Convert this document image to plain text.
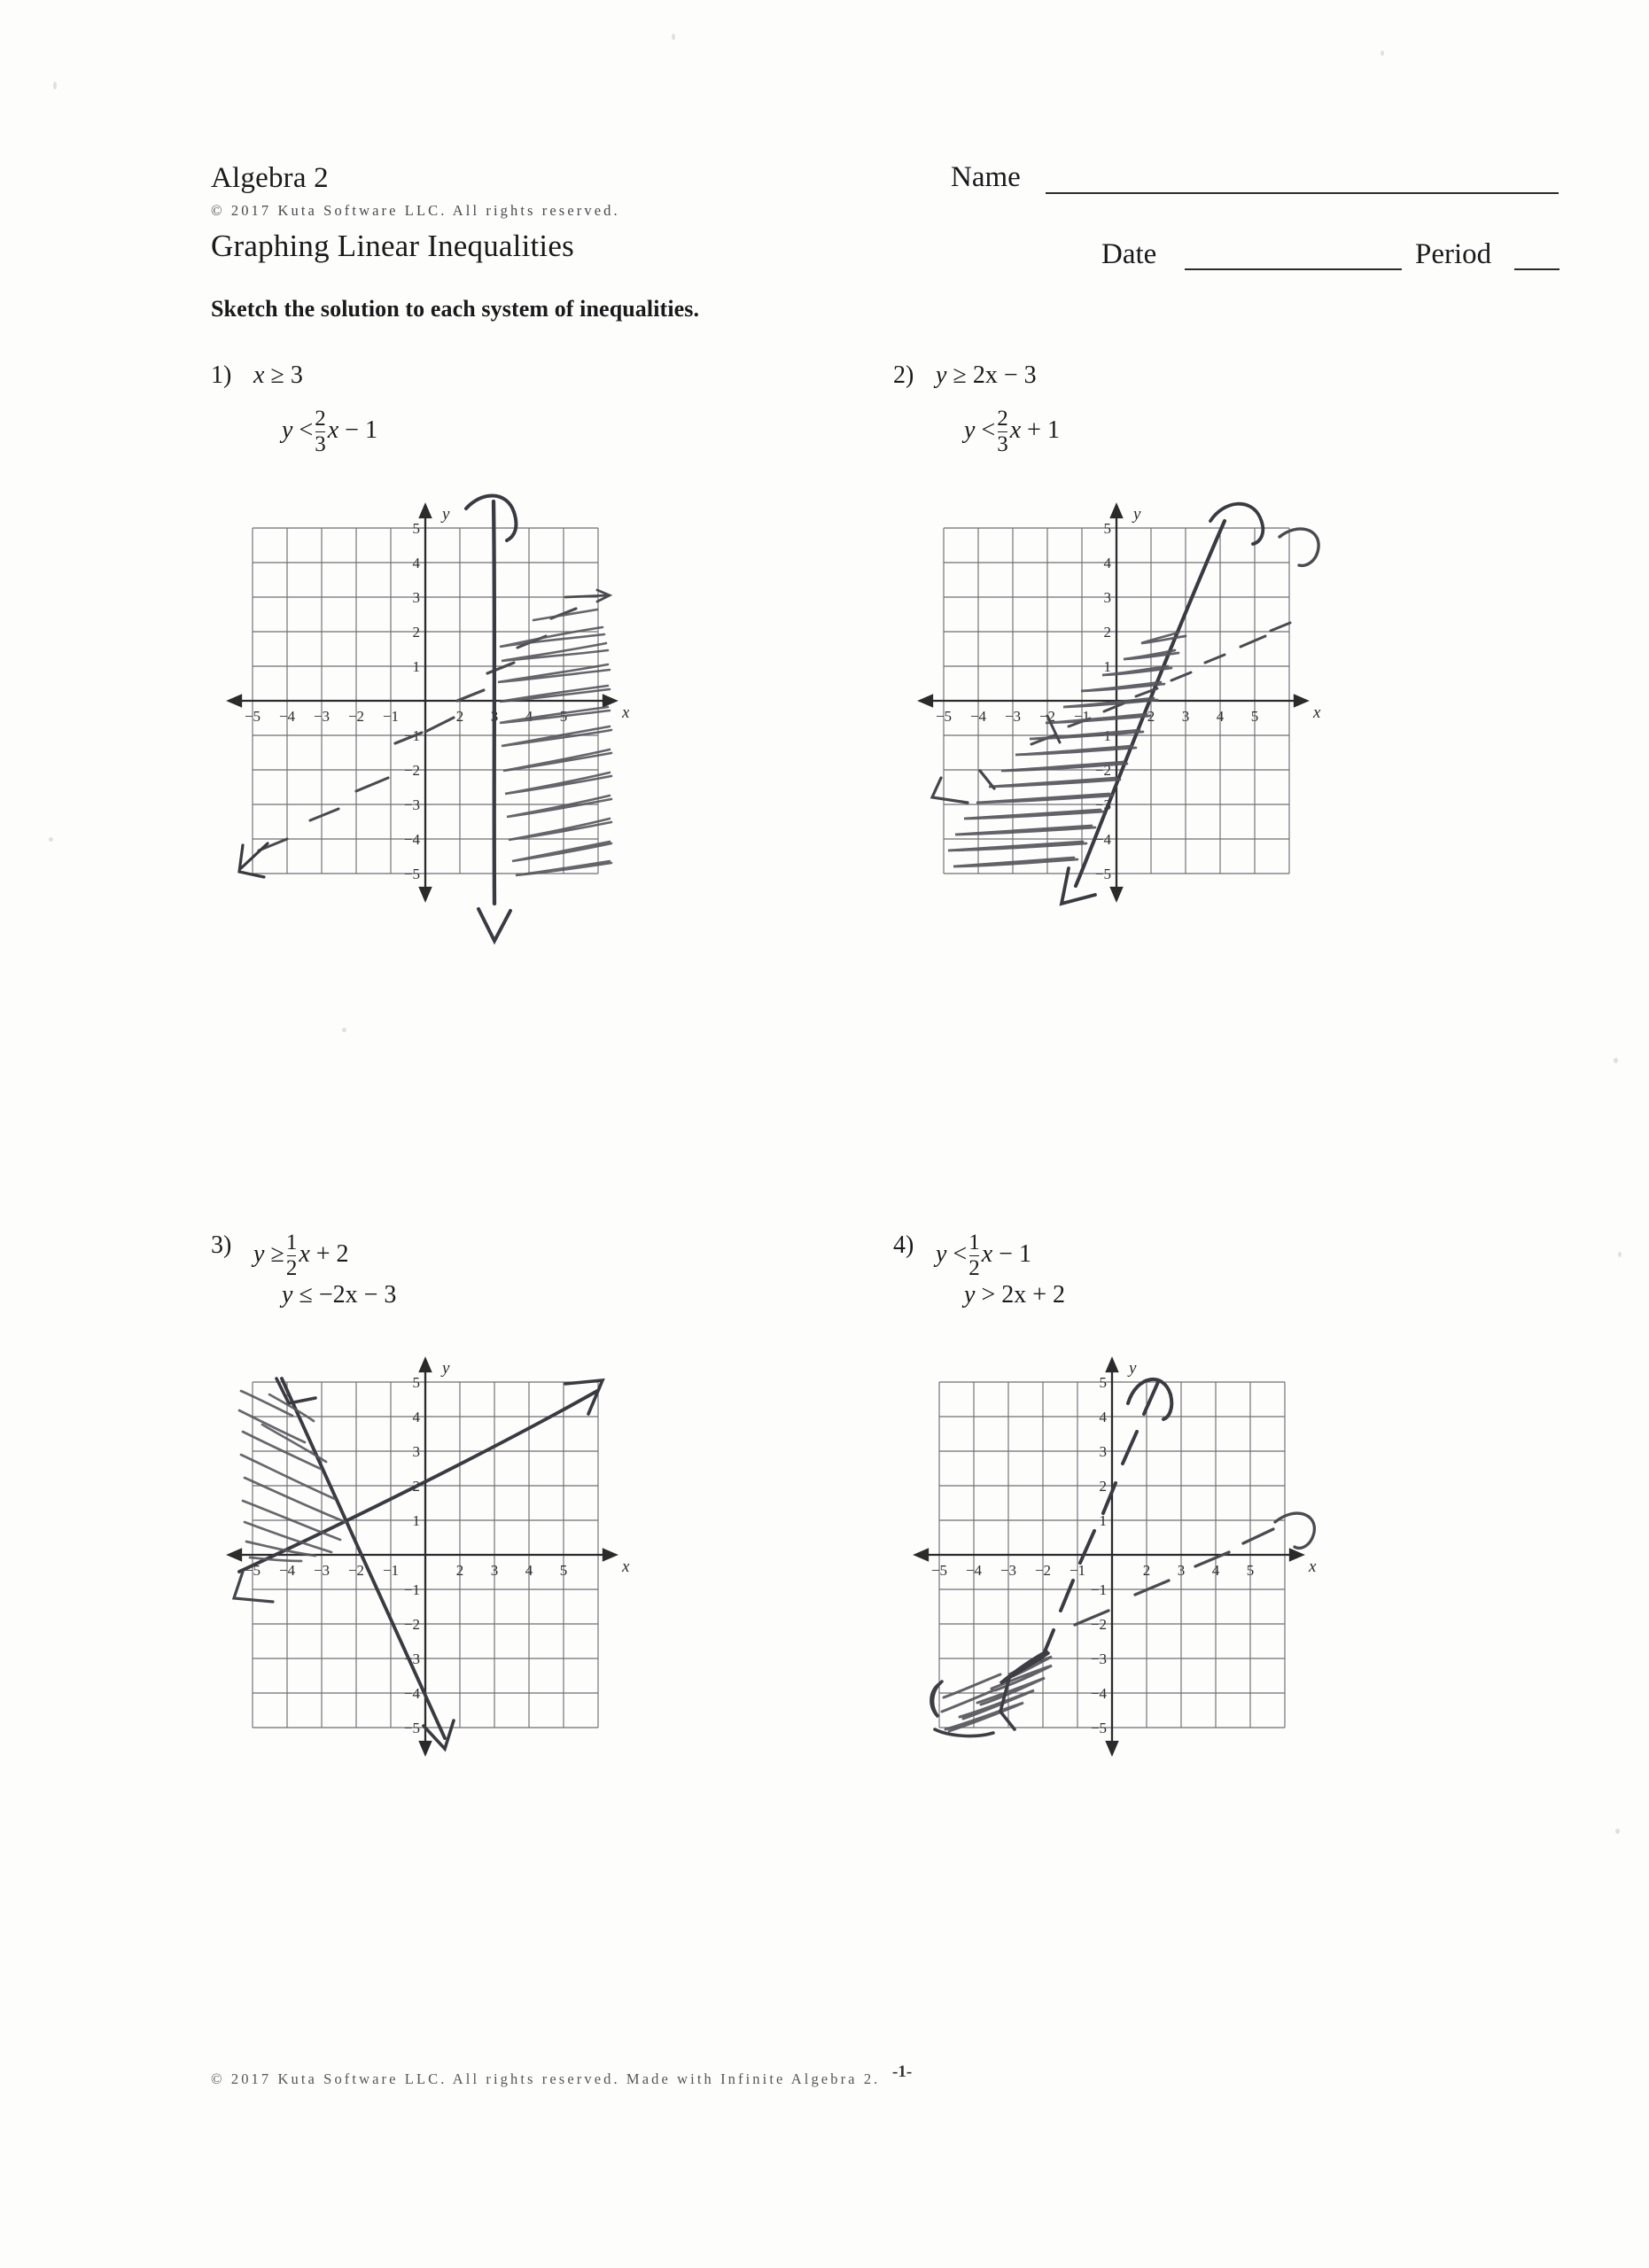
Algebra 2
© 2017 Kuta Software LLC. All rights reserved.
Graphing Linear Inequalities
Name
Date	Period
Sketch the solution to each system of inequalities.
1) x ≥ 3
$y < \frac{2}{3}$ x − 1
y
x
−5 −4 −3 −2 −1	2 3 4 5
5
4
3
2
1
−1
−2
−3
−4
−5
2) y ≥ 2x − 3
$y < \frac{2}{3}$ x + 1
y
x
−5 −4 −3 −2 −1	2 3 4 5
5
4
3
2
1
−1
−2
−3
−4
−5
3) $y \ge \frac{1}{2}$ x + 2
y ≤ −2x − 3
y
x
−5 −4 −3 −2 −1	2 3 4 5
5
4
3
2
1
−1
−2
−3
−4
−5
4) $y < \frac{1}{2}$ x − 1
y > 2x + 2
y
x
−5 −4 −3 −2 −1	2 3 4 5
5
4
3
2
1
−1
−2
−3
−4
−5
© 2017 Kuta Software LLC. All rights reserved. Made with Infinite Algebra 2. -1-
